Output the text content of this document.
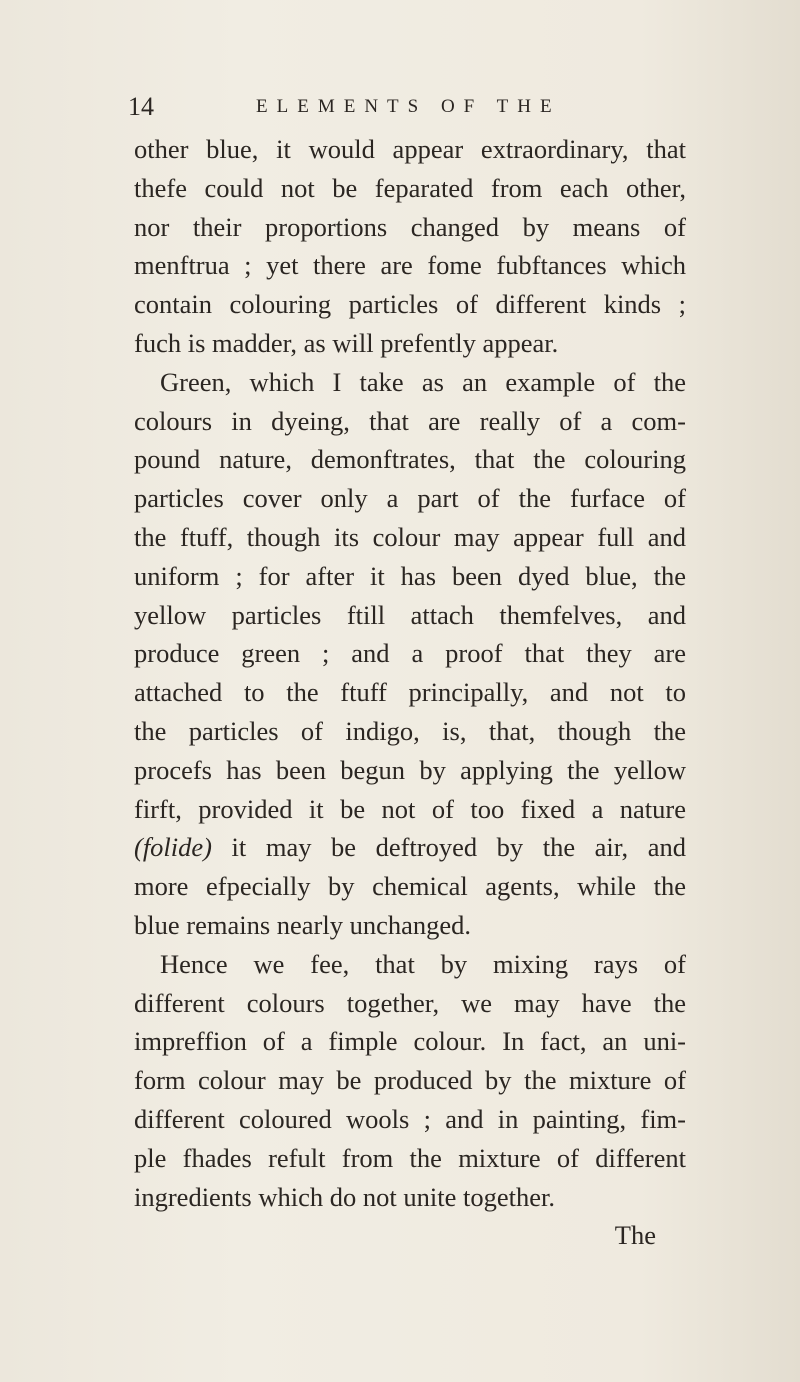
14	ELEMENTS OF THE
other blue, it would appear extraordinary, that
thefe could not be feparated from each other,
nor their proportions changed by means of
menftrua ; yet there are fome fubftances which
contain colouring particles of different kinds ;
fuch is madder, as will prefently appear.
Green, which I take as an example of the
colours in dyeing, that are really of a com-
pound nature, demonftrates, that the colouring
particles cover only a part of the furface of
the ftuff, though its colour may appear full and
uniform ; for after it has been dyed blue, the
yellow particles ftill attach themfelves, and
produce green ; and a proof that they are
attached to the ftuff principally, and not to
the particles of indigo, is, that, though the
procefs has been begun by applying the yellow
firft, provided it be not of too fixed a nature
(folide) it may be deftroyed by the air, and
more efpecially by chemical agents, while the
blue remains nearly unchanged.
Hence we fee, that by mixing rays of
different colours together, we may have the
impreffion of a fimple colour. In fact, an uni-
form colour may be produced by the mixture of
different coloured wools ; and in painting, fim-
ple fhades refult from the mixture of different
ingredients which do not unite together.
The
